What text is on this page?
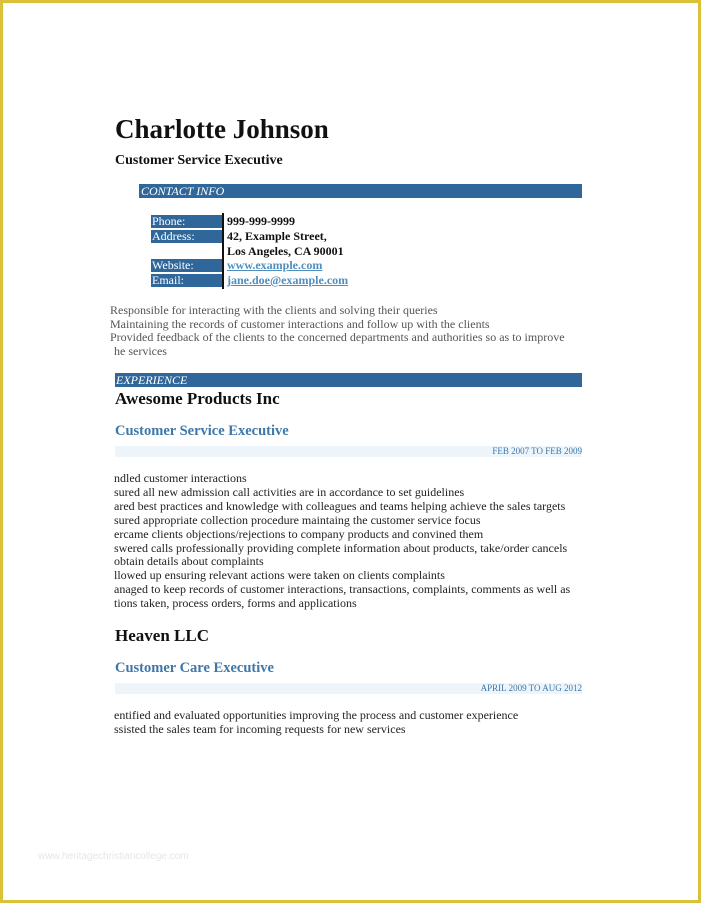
Charlotte Johnson
Customer Service Executive
CONTACT INFO
Phone:	999-999-9999
Address:	42, Example Street,
Los Angeles, CA 90001
Website:	www.example.com
Email:	jane.doe@example.com
Responsible for interacting with the clients and solving their queries
Maintaining the records of customer interactions and follow up with the clients
Provided feedback of the clients to the concerned departments and authorities so as to improve
he services
EXPERIENCE
Awesome Products Inc
Customer Service Executive
FEB 2007 TO FEB 2009
ndled customer interactions
sured all new admission call activities are in accordance to set guidelines
ared best practices and knowledge with colleagues and teams helping achieve the sales targets
sured appropriate collection procedure maintaing the customer service focus
ercame clients objections/rejections to company products and convined them
swered calls professionally providing complete information about products, take/order cancels
obtain details about complaints
llowed up ensuring relevant actions were taken on clients complaints
anaged to keep records of customer interactions, transactions, complaints, comments as well as
tions taken, process orders, forms and applications
Heaven LLC
Customer Care Executive
APRIL 2009 TO AUG 2012
entified and evaluated opportunities improving the process and customer experience
ssisted the sales team for incoming requests for new services
www.heritagechristiancollege.com
